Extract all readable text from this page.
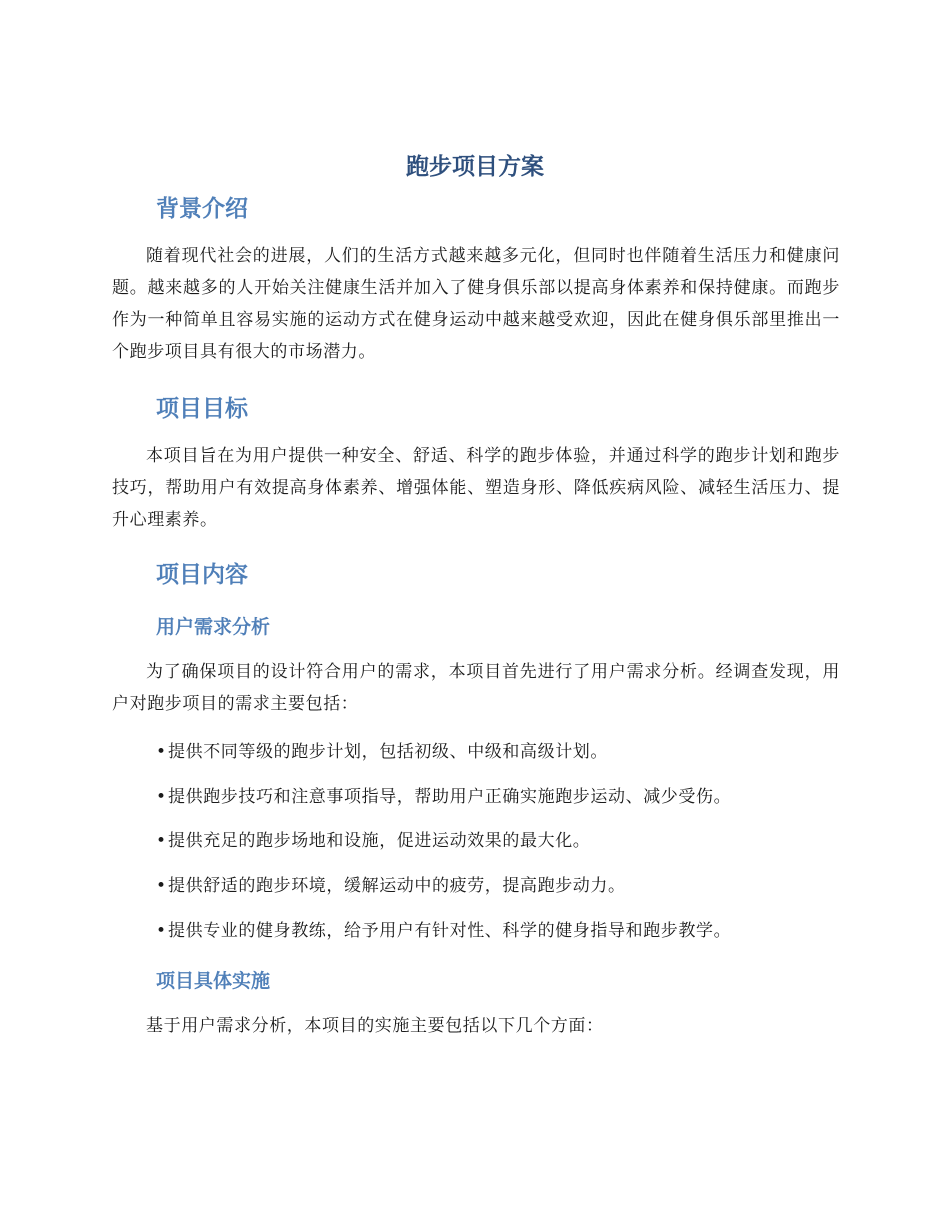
跑步项目方案
背景介绍

随着现代社会的进展，人们的生活方式越来越多元化，但同时也伴随着生活压力和健康问题。越来越多的人开始关注健康生活并加入了健身俱乐部以提高身体素养和保持健康。而跑步作为一种简单且容易实施的运动方式在健身运动中越来越受欢迎，因此在健身俱乐部里推出一个跑步项目具有很大的市场潜力。

项目目标

本项目旨在为用户提供一种安全、舒适、科学的跑步体验，并通过科学的跑步计划和跑步技巧，帮助用户有效提高身体素养、增强体能、塑造身形、降低疾病风险、减轻生活压力、提升心理素养。

项目内容
用户需求分析

为了确保项目的设计符合用户的需求，本项目首先进行了用户需求分析。经调查发现，用户对跑步项目的需求主要包括：

•提供不同等级的跑步计划，包括初级、中级和高级计划。

•提供跑步技巧和注意事项指导，帮助用户正确实施跑步运动、减少受伤。

•提供充足的跑步场地和设施，促进运动效果的最大化。

•提供舒适的跑步环境，缓解运动中的疲劳，提高跑步动力。

•提供专业的健身教练，给予用户有针对性、科学的健身指导和跑步教学。

项目具体实施

基于用户需求分析，本项目的实施主要包括以下几个方面：
